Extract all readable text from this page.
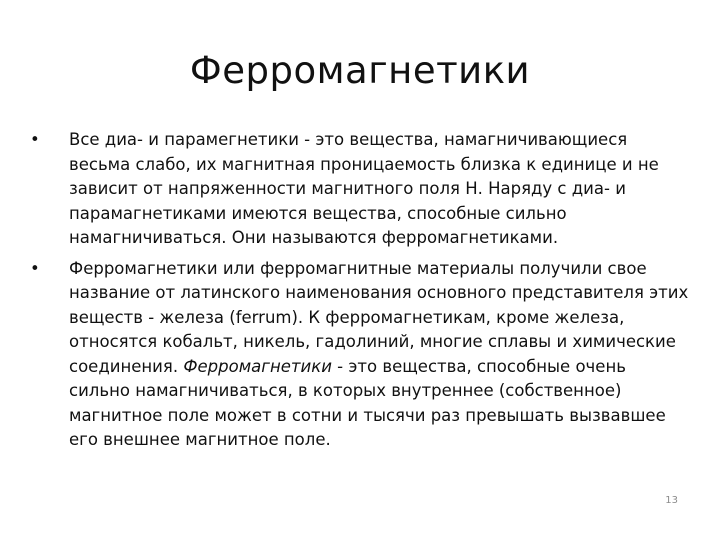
Ферромагнетики
•	Все диа- и парамегнетики - это вещества, намагничивающиеся весьма слабо, их магнитная проницаемость близка к единице и не зависит от напряженности магнитного поля Н. Наряду с диа- и парамагнетиками имеются вещества, способные сильно намагничиваться. Они называются ферромагнетиками.
•	Ферромагнетики или ферромагнитные материалы получили свое название от латинского наименования основного представителя этих веществ - железа (ferrum). К ферромагнетикам, кроме железа, относятся кобальт, никель, гадолиний, многие сплавы и химические соединения. Ферромагнетики - это вещества, способные очень сильно намагничиваться, в которых внутреннее (собственное) магнитное поле может в сотни и тысячи раз превышать вызвавшее его внешнее магнитное поле.
13
